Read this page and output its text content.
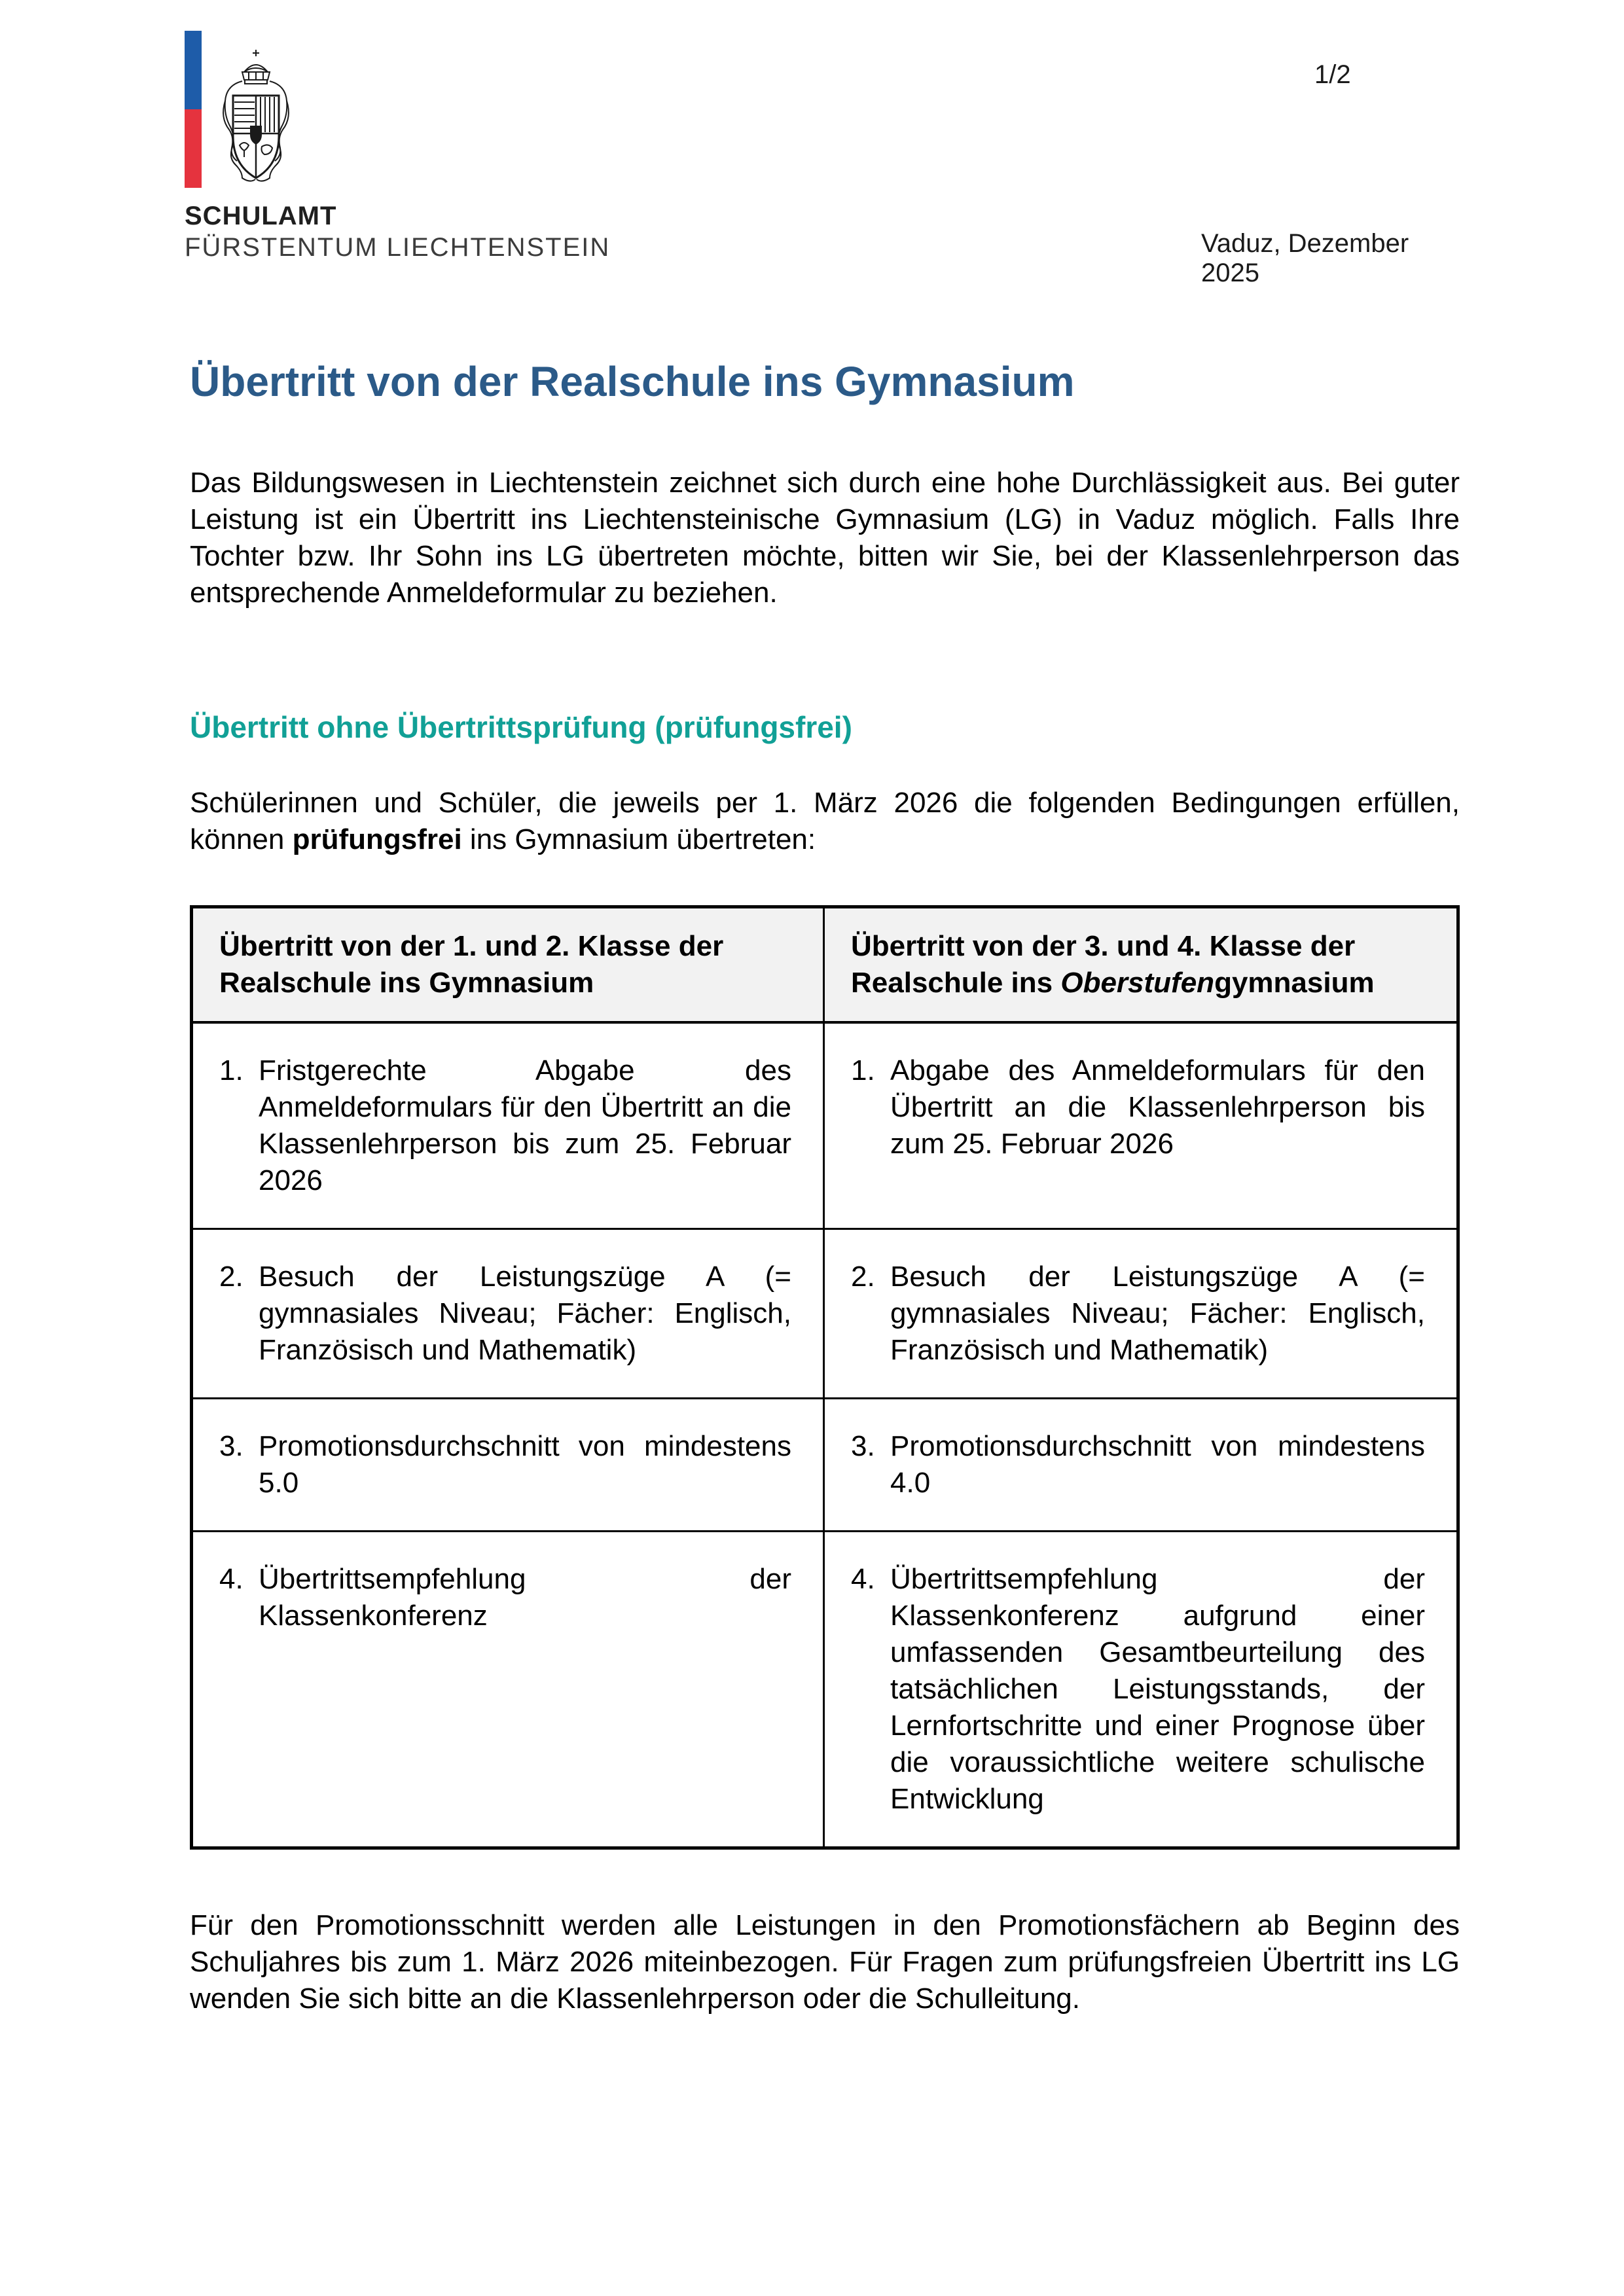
1/2
SCHULAMT
FÜRSTENTUM LIECHTENSTEIN	Vaduz, Dezember 2025
Übertritt von der Realschule ins Gymnasium

Das Bildungswesen in Liechtenstein zeichnet sich durch eine hohe Durchlässigkeit aus. Bei guter Leistung ist ein Übertritt ins Liechtensteinische Gymnasium (LG) in Vaduz möglich. Falls Ihre Tochter bzw. Ihr Sohn ins LG übertreten möchte, bitten wir Sie, bei der Klassenlehrperson das entsprechende Anmeldeformular zu beziehen.

Übertritt ohne Übertrittsprüfung (prüfungsfrei)

Schülerinnen und Schüler, die jeweils per 1. März 2026 die folgenden Bedingungen erfüllen, können prüfungsfrei ins Gymnasium übertreten:

Übertritt von der 1. und 2. Klasse der Realschule ins Gymnasium
Übertritt von der 3. und 4. Klasse der Realschule ins Oberstufengymnasium
1. Fristgerechte Abgabe des Anmeldeformulars für den Übertritt an die Klassenlehrperson bis zum 25. Februar 2026
1. Abgabe des Anmeldeformulars für den Übertritt an die Klassenlehrperson bis zum 25. Februar 2026
2. Besuch der Leistungszüge A (= gymnasiales Niveau; Fächer: Englisch, Französisch und Mathematik)
2. Besuch der Leistungszüge A (= gymnasiales Niveau; Fächer: Englisch, Französisch und Mathematik)
3. Promotionsdurchschnitt von mindestens 5.0
3. Promotionsdurchschnitt von mindestens 4.0
4. Übertrittsempfehlung der Klassenkonferenz
4. Übertrittsempfehlung der Klassenkonferenz aufgrund einer umfassenden Gesamtbeurteilung des tatsächlichen Leistungsstands, der Lernfortschritte und einer Prognose über die voraussichtliche weitere schulische Entwicklung

Für den Promotionsschnitt werden alle Leistungen in den Promotionsfächern ab Beginn des Schuljahres bis zum 1. März 2026 miteinbezogen. Für Fragen zum prüfungsfreien Übertritt ins LG wenden Sie sich bitte an die Klassenlehrperson oder die Schulleitung.
